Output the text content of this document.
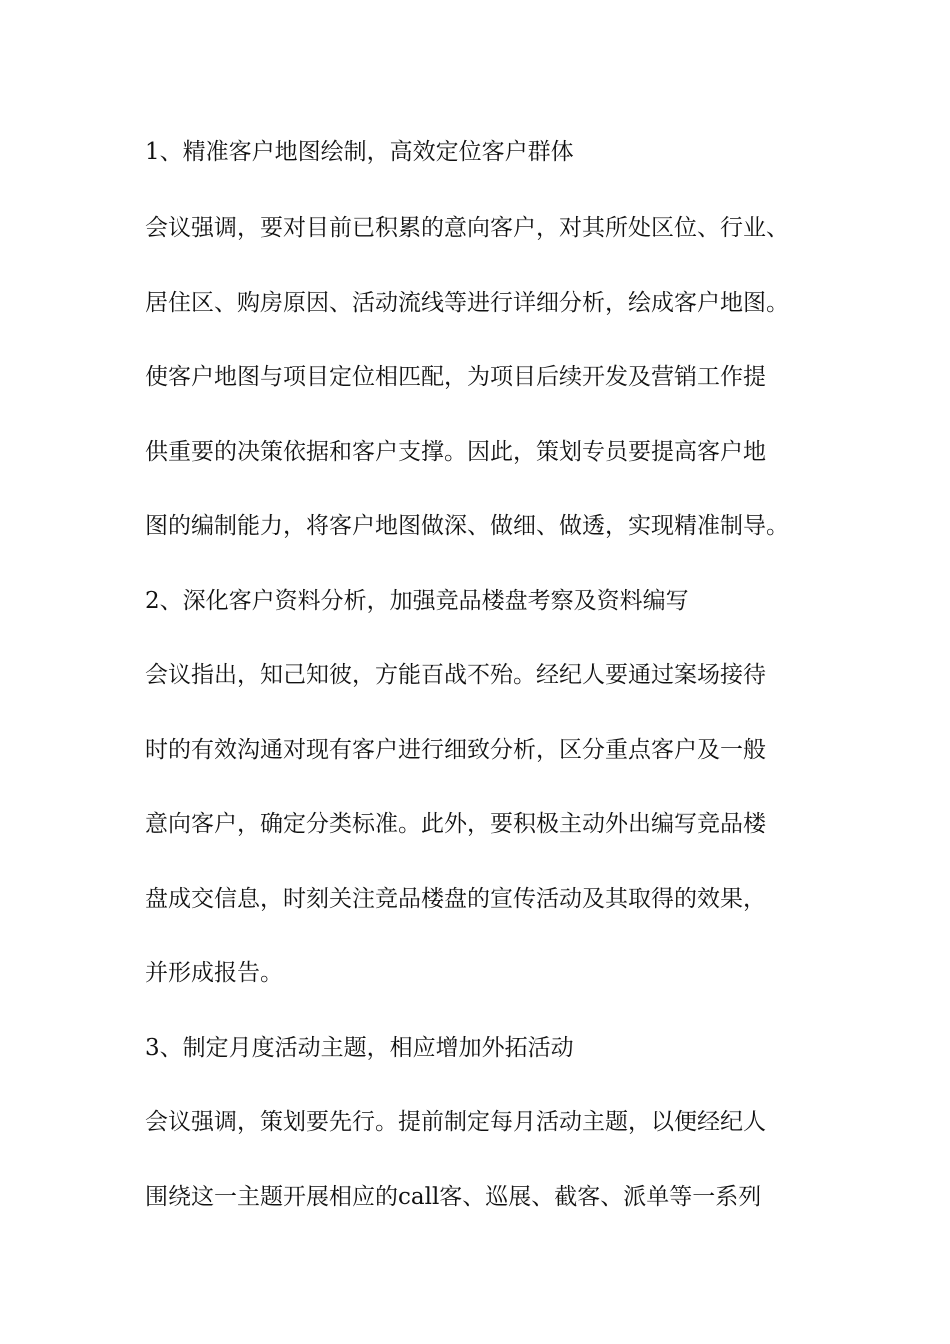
1、精准客户地图绘制，高效定位客户群体
会议强调，要对目前已积累的意向客户，对其所处区位、行业、
居住区、购房原因、活动流线等进行详细分析，绘成客户地图。
使客户地图与项目定位相匹配，为项目后续开发及营销工作提
供重要的决策依据和客户支撑。因此，策划专员要提高客户地
图的编制能力，将客户地图做深、做细、做透，实现精准制导。
2、深化客户资料分析，加强竞品楼盘考察及资料编写
会议指出，知己知彼，方能百战不殆。经纪人要通过案场接待
时的有效沟通对现有客户进行细致分析，区分重点客户及一般
意向客户，确定分类标准。此外，要积极主动外出编写竞品楼
盘成交信息，时刻关注竞品楼盘的宣传活动及其取得的效果，
并形成报告。
3、制定月度活动主题，相应增加外拓活动
会议强调，策划要先行。提前制定每月活动主题，以便经纪人
围绕这一主题开展相应的call客、巡展、截客、派单等一系列
